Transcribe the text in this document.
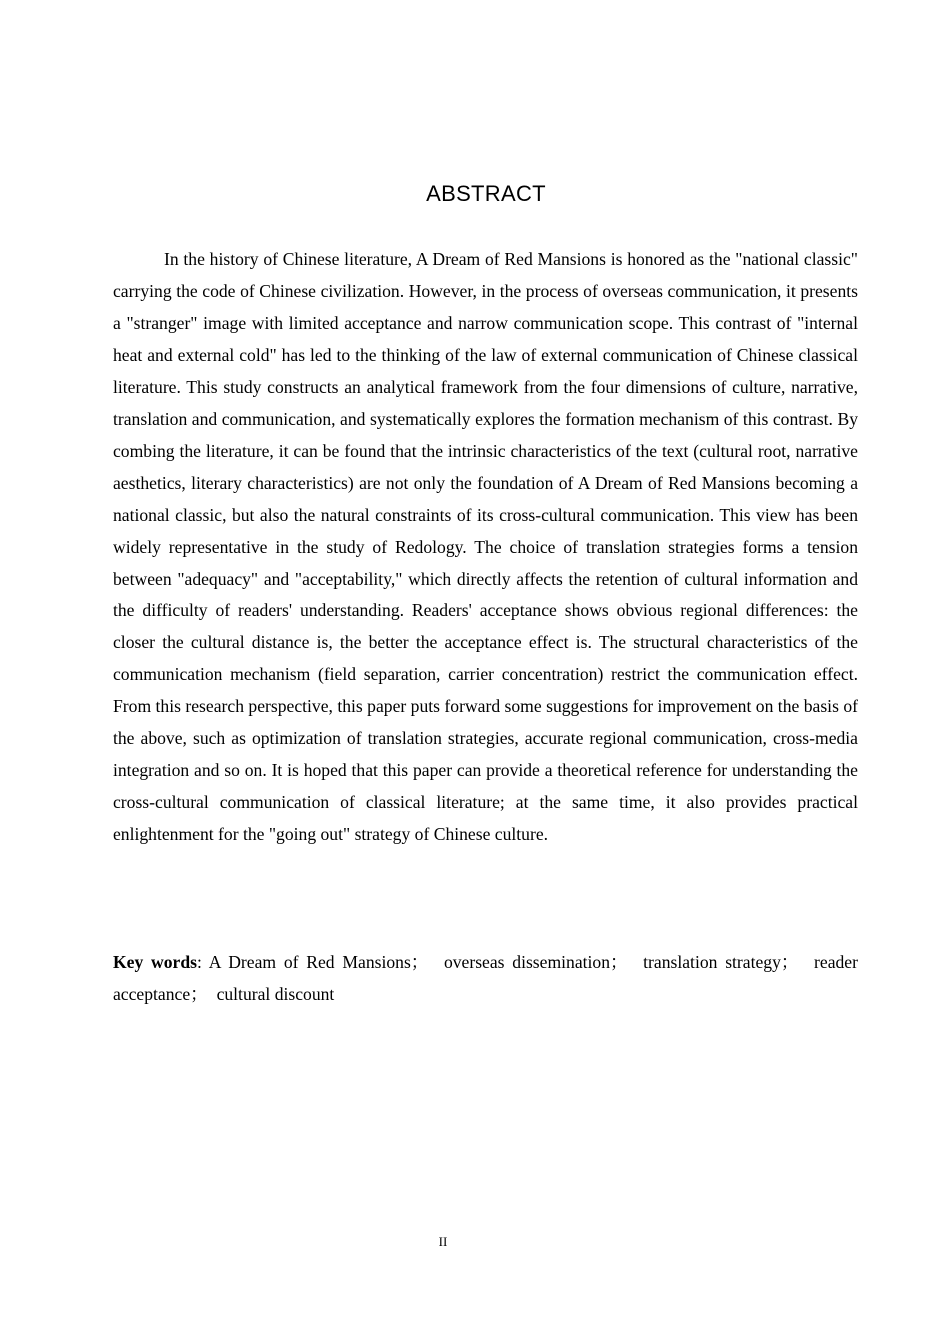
ABSTRACT

In the history of Chinese literature, A Dream of Red Mansions is honored as the "national classic" carrying the code of Chinese civilization. However, in the process of overseas communication, it presents a "stranger" image with limited acceptance and narrow communication scope. This contrast of "internal heat and external cold" has led to the thinking of the law of external communication of Chinese classical literature. This study constructs an analytical framework from the four dimensions of culture, narrative, translation and communication, and systematically explores the formation mechanism of this contrast. By combing the literature, it can be found that the intrinsic characteristics of the text (cultural root, narrative aesthetics, literary characteristics) are not only the foundation of A Dream of Red Mansions becoming a national classic, but also the natural constraints of its cross-cultural communication. This view has been widely representative in the study of Redology. The choice of translation strategies forms a tension between "adequacy" and "acceptability," which directly affects the retention of cultural information and the difficulty of readers' understanding. Readers' acceptance shows obvious regional differences: the closer the cultural distance is, the better the acceptance effect is. The structural characteristics of the communication mechanism (field separation, carrier concentration) restrict the communication effect. From this research perspective, this paper puts forward some suggestions for improvement on the basis of the above, such as optimization of translation strategies, accurate regional communication, cross-media integration and so on. It is hoped that this paper can provide a theoretical reference for understanding the cross-cultural communication of classical literature; at the same time, it also provides practical enlightenment for the "going out" strategy of Chinese culture.

Key words: A Dream of Red Mansions；  overseas dissemination；  translation strategy；  reader acceptance；  cultural discount

II
